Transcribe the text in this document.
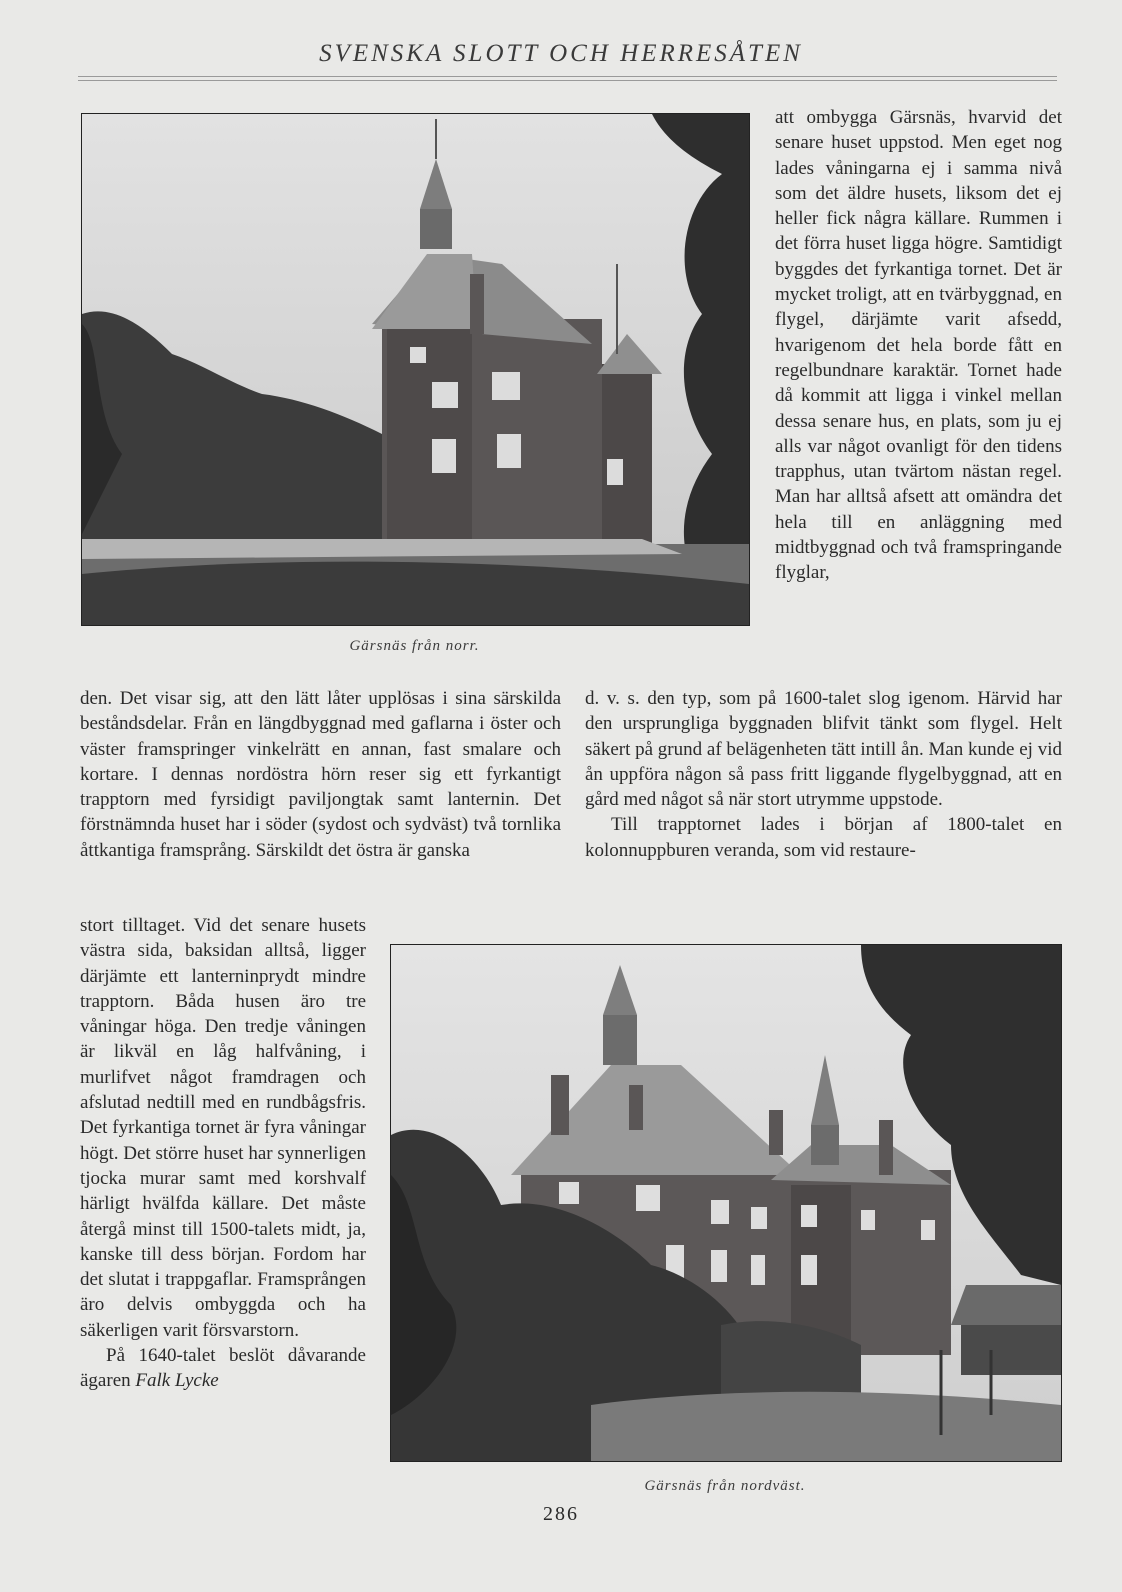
SVENSKA SLOTT OCH HERRESÅTEN
Gärsnäs från norr.

att ombyggа Gärsnäs, hvarvid det senare huset uppstod. Men eget nog lades våningarna ej i samma nivå som det äldre husets, liksom det ej heller fick några källare. Rummen i det förra huset ligga högre. Samtidigt byggdes det fyrkantiga tornet. Det är mycket troligt, att en tvärbyggnad, en flygel, därjämte varit afsedd, hvarigenom det hela borde fått en regelbundnare karaktär. Tornet hade då kommit att ligga i vinkel mellan dessa senare hus, en plats, som ju ej alls var något ovanligt för den tidens trapphus, utan tvärtom nästan regel. Man har alltså afsett att omändra det hela till en anläggning med midtbyggnad och två framspringande flyglar,

den. Det visar sig, att den lätt låter upplösas i sina särskilda beståndsdelar. Från en längdbyggnad med gaflarna i öster och väster framspringer vinkelrätt en annan, fast smalare och kortare. I dennas nordöstra hörn reser sig ett fyrkantigt trapptorn med fyrsidigt paviljongtak samt lanternin. Det förstnämnda huset har i söder (sydost och sydväst) två tornlika åttkantiga framsprång. Särskildt det östra är ganska

d. v. s. den typ, som på 1600-talet slog igenom. Härvid har den ursprungliga byggnaden blifvit tänkt som flygel. Helt säkert på grund af belägenheten tätt intill ån. Man kunde ej vid ån uppföra någon så pass fritt liggande flygelbyggnad, att en gård med något så när stort utrymme uppstode.

Till trapptornet lades i början af 1800-talet en kolonnuppburen veranda, som vid restaure-

stort tilltaget. Vid det senare husets västra sida, baksidan alltså, ligger därjämte ett lanterninprydt mindre trapptorn. Båda husen äro tre våningar höga. Den tredje våningen är likväl en låg halfvåning, i murlifvet något framdragen och afslutad nedtill med en rundbågsfris. Det fyrkantiga tornet är fyra våningar högt. Det större huset har synnerligen tjocka murar samt med korshvalf härligt hvälfda källare. Det måste återgå minst till 1500-talets midt, ja, kanske till dess början. Fordom har det slutat i trappgaflar. Framsprången äro delvis ombyggda och ha säkerligen varit försvarstorn.

På 1640-talet beslöt dåvarande ägaren Falk Lycke

Gärsnäs från nordväst.
286
